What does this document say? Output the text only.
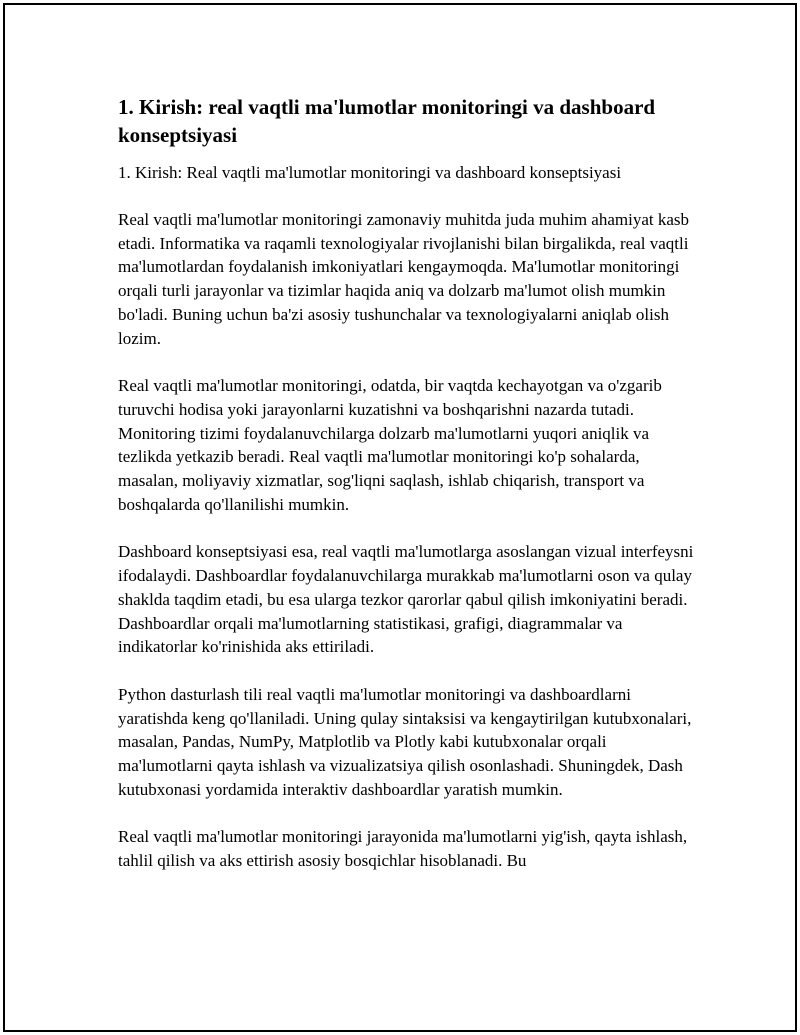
1. Kirish: real vaqtli ma'lumotlar monitoringi va dashboard konseptsiyasi

1. Kirish: Real vaqtli ma'lumotlar monitoringi va dashboard konseptsiyasi

Real vaqtli ma'lumotlar monitoringi zamonaviy muhitda juda muhim ahamiyat kasb etadi. Informatika va raqamli texnologiyalar rivojlanishi bilan birgalikda, real vaqtli ma'lumotlardan foydalanish imkoniyatlari kengaymoqda. Ma'lumotlar monitoringi orqali turli jarayonlar va tizimlar haqida aniq va dolzarb ma'lumot olish mumkin bo'ladi. Buning uchun ba'zi asosiy tushunchalar va texnologiyalarni aniqlab olish lozim.

Real vaqtli ma'lumotlar monitoringi, odatda, bir vaqtda kechayotgan va o'zgarib turuvchi hodisa yoki jarayonlarni kuzatishni va boshqarishni nazarda tutadi. Monitoring tizimi foydalanuvchilarga dolzarb ma'lumotlarni yuqori aniqlik va tezlikda yetkazib beradi. Real vaqtli ma'lumotlar monitoringi ko'p sohalarda, masalan, moliyaviy xizmatlar, sog'liqni saqlash, ishlab chiqarish, transport va boshqalarda qo'llanilishi mumkin.

Dashboard konseptsiyasi esa, real vaqtli ma'lumotlarga asoslangan vizual interfeysni ifodalaydi. Dashboardlar foydalanuvchilarga murakkab ma'lumotlarni oson va qulay shaklda taqdim etadi, bu esa ularga tezkor qarorlar qabul qilish imkoniyatini beradi. Dashboardlar orqali ma'lumotlarning statistikasi, grafigi, diagrammalar va indikatorlar ko'rinishida aks ettiriladi.

Python dasturlash tili real vaqtli ma'lumotlar monitoringi va dashboardlarni yaratishda keng qo'llaniladi. Uning qulay sintaksisi va kengaytirilgan kutubxonalari, masalan, Pandas, NumPy, Matplotlib va Plotly kabi kutubxonalar orqali ma'lumotlarni qayta ishlash va vizualizatsiya qilish osonlashadi. Shuningdek, Dash kutubxonasi yordamida interaktiv dashboardlar yaratish mumkin.

Real vaqtli ma'lumotlar monitoringi jarayonida ma'lumotlarni yig'ish, qayta ishlash, tahlil qilish va aks ettirish asosiy bosqichlar hisoblanadi. Bu
